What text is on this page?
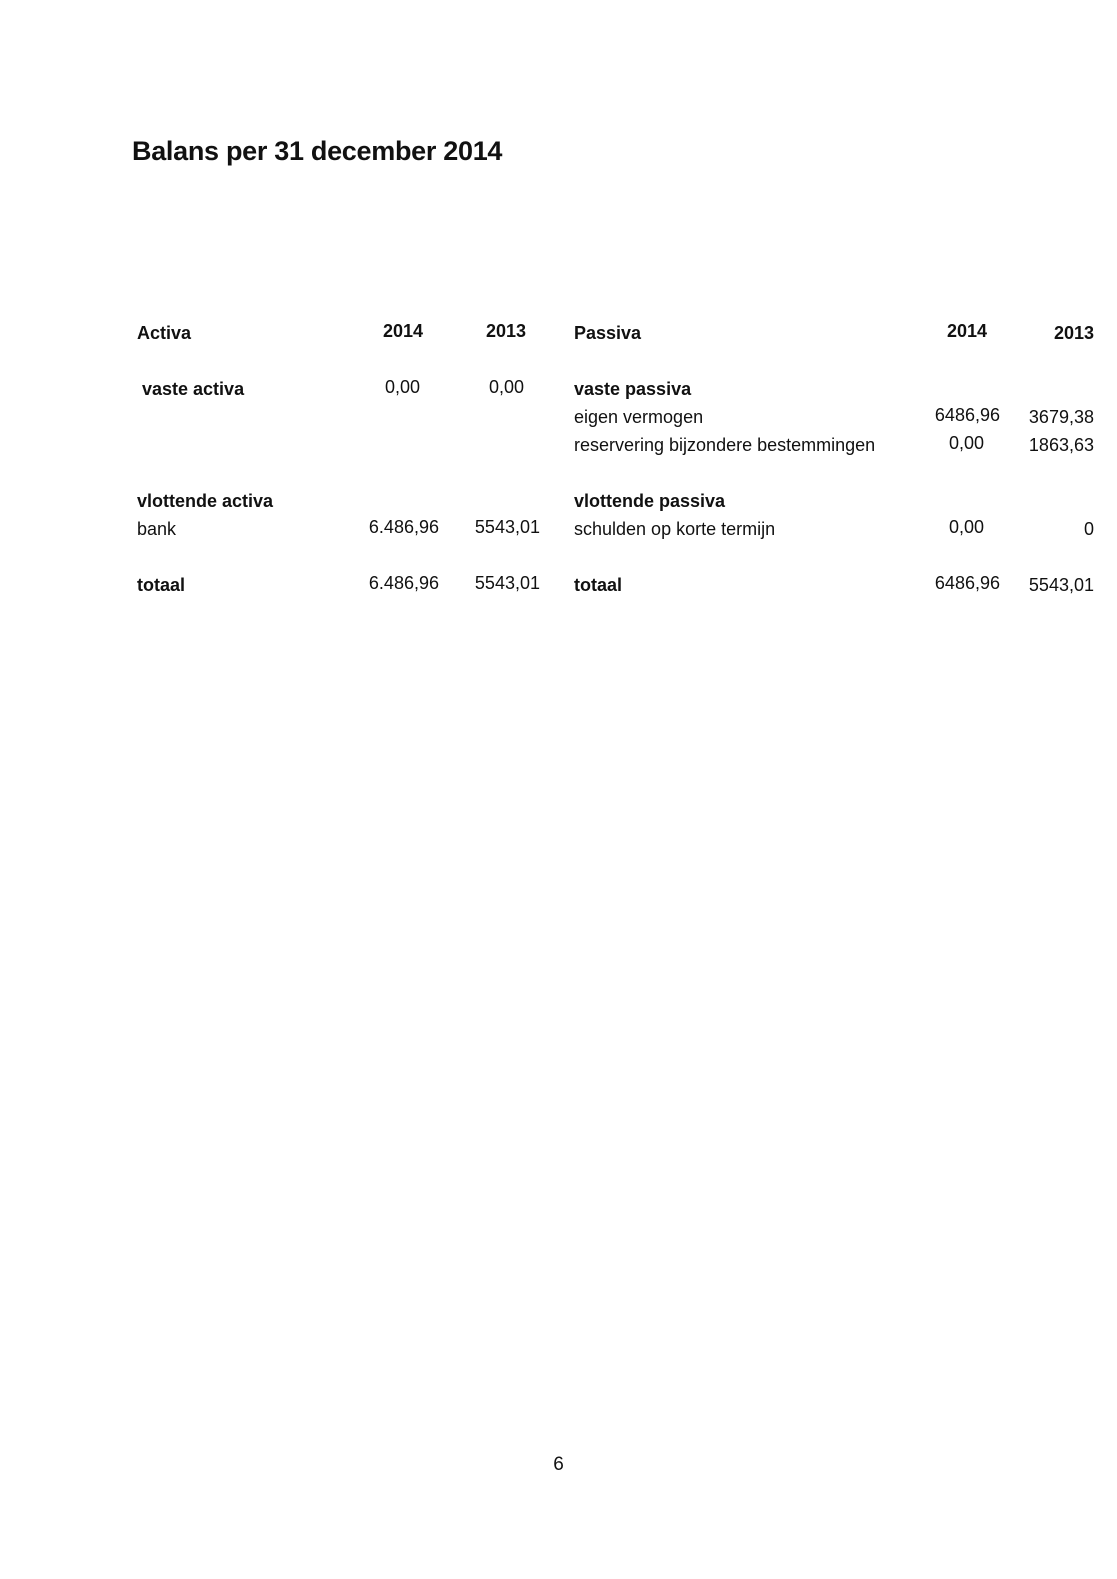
Balans per 31 december 2014
Activa	2014	2013
vaste activa	0,00	0,00
vlottende activa
bank	6.486,96	5543,01
totaal	6.486,96	5543,01
Passiva	2014	2013
vaste passiva
eigen vermogen	6486,96	3679,38
reservering bijzondere bestemmingen	0,00	1863,63
vlottende passiva
schulden op korte termijn	0,00	0
totaal	6486,96	5543,01
6
